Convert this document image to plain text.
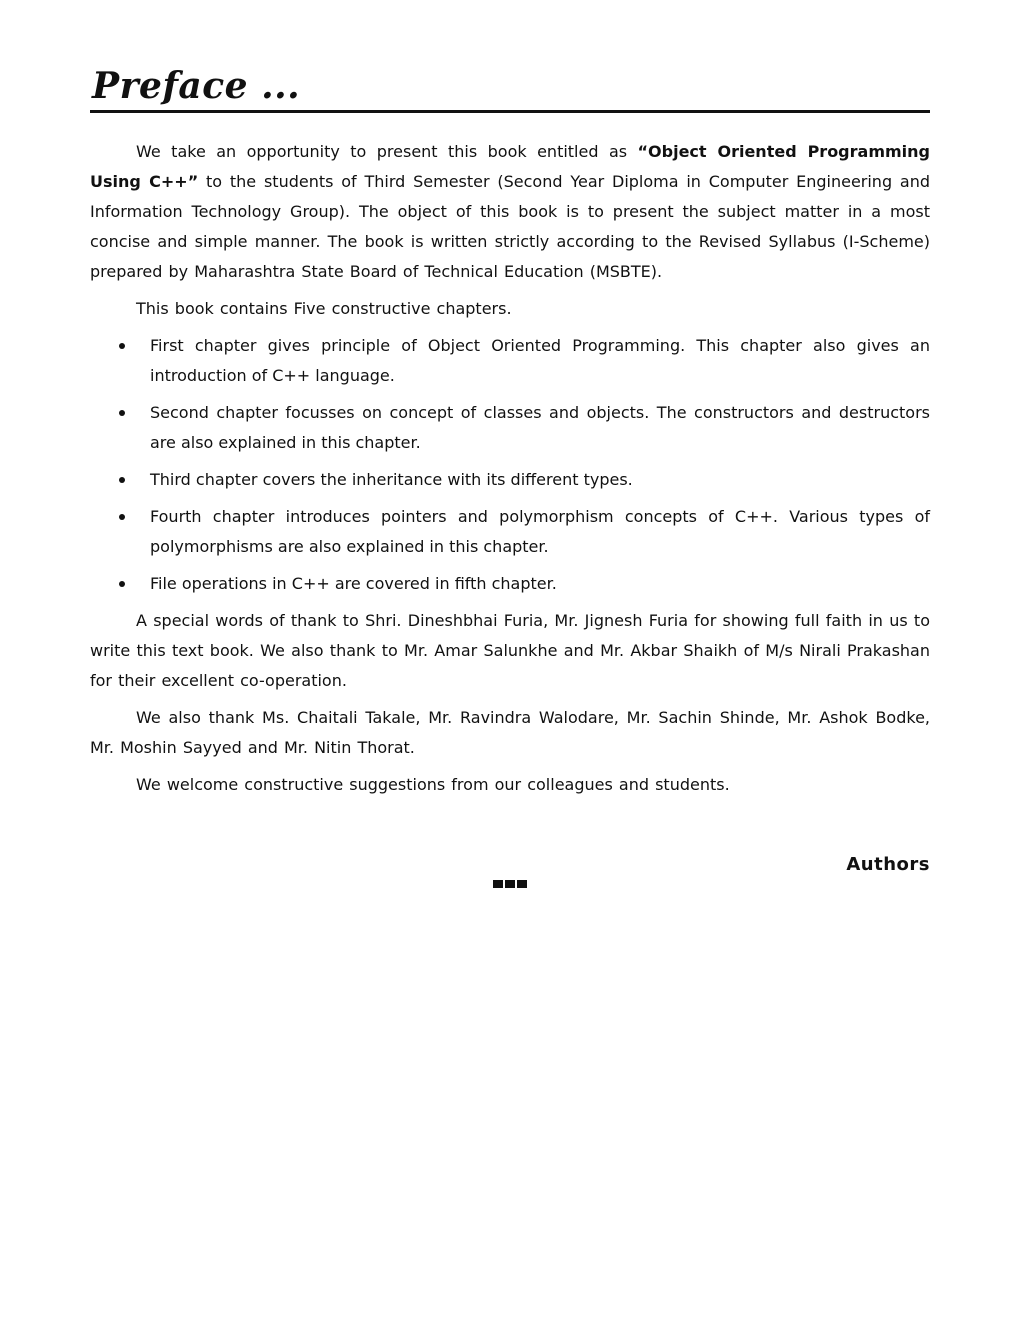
Preface ...

We take an opportunity to present this book entitled as “Object Oriented Programming Using C++” to the students of Third Semester (Second Year Diploma in Computer Engineering and Information Technology Group). The object of this book is to present the subject matter in a most concise and simple manner. The book is written strictly according to the Revised Syllabus (I-Scheme) prepared by Maharashtra State Board of Technical Education (MSBTE).

This book contains Five constructive chapters.

First chapter gives principle of Object Oriented Programming. This chapter also gives an introduction of C++ language.
Second chapter focusses on concept of classes and objects. The constructors and destructors are also explained in this chapter.
Third chapter covers the inheritance with its different types.
Fourth chapter introduces pointers and polymorphism concepts of C++. Various types of polymorphisms are also explained in this chapter.
File operations in C++ are covered in fifth chapter.

A special words of thank to Shri. Dineshbhai Furia, Mr. Jignesh Furia for showing full faith in us to write this text book. We also thank to Mr. Amar Salunkhe and Mr. Akbar Shaikh of M/s Nirali Prakashan for their excellent co-operation.

We also thank Ms. Chaitali Takale, Mr. Ravindra Walodare, Mr. Sachin Shinde, Mr. Ashok Bodke, Mr. Moshin Sayyed and Mr. Nitin Thorat.

We welcome constructive suggestions from our colleagues and students.

Authors
